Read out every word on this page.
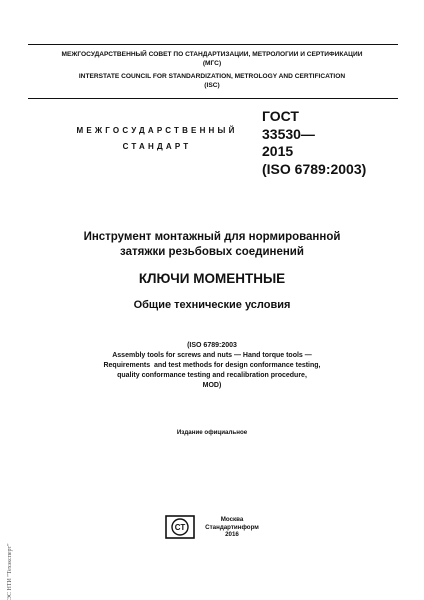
МЕЖГОСУДАРСТВЕННЫЙ СОВЕТ ПО СТАНДАРТИЗАЦИИ, МЕТРОЛОГИИ И СЕРТИФИКАЦИИ
(МГС)
INTERSTATE COUNCIL FOR STANDARDIZATION, METROLOGY AND CERTIFICATION
(ISC)
МЕЖГОСУДАРСТВЕННЫЙ
СТАНДАРТ
ГОСТ
33530—
2015
(ISO 6789:2003)
Инструмент монтажный для нормированной
затяжки резьбовых соединений
КЛЮЧИ МОМЕНТНЫЕ
Общие технические условия
(ISO 6789:2003
Assembly tools for screws and nuts — Hand torque tools —
Requirements  and test methods for design conformance testing,
quality conformance testing and recalibration procedure,
MOD)
Издание официальное
СТ
Москва
Стандартинформ
2016
ЭС НТИ "Техэксперт"
